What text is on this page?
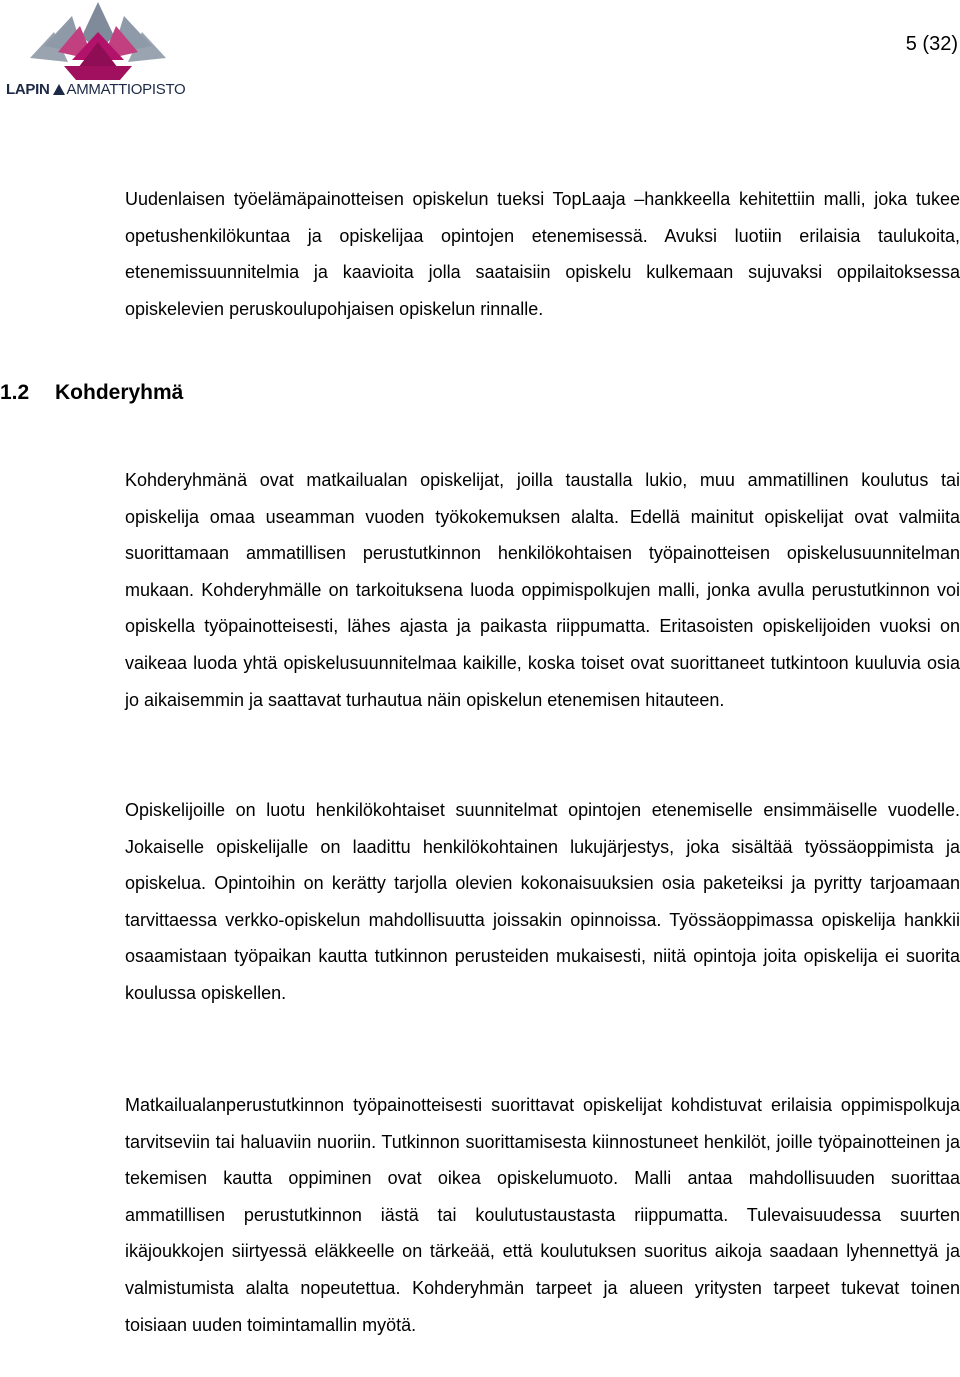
LAPIN AMMATTIOPISTO
5 (32)

Uudenlaisen työelämäpainotteisen opiskelun tueksi TopLaaja –hankkeella kehitettiin malli, joka tukee opetushenkilökuntaa ja opiskelijaa opintojen etenemisessä. Avuksi luotiin erilaisia taulukoita, etenemissuunnitelmia ja kaavioita jolla saataisiin opiskelu kulkemaan sujuvaksi oppilaitoksessa opiskelevien peruskoulupohjaisen opiskelun rinnalle.

1.2 Kohderyhmä

Kohderyhmänä ovat matkailualan opiskelijat, joilla taustalla lukio, muu ammatillinen koulutus tai opiskelija omaa useamman vuoden työkokemuksen alalta. Edellä mainitut opiskelijat ovat valmiita suorittamaan ammatillisen perustutkinnon henkilökohtaisen työpainotteisen opiskelusuunnitelman mukaan. Kohderyhmälle on tarkoituksena luoda oppimispolkujen malli, jonka avulla perustutkinnon voi opiskella työpainotteisesti, lähes ajasta ja paikasta riippumatta. Eritasoisten opiskelijoiden vuoksi on vaikeaa luoda yhtä opiskelusuunnitelmaa kaikille, koska toiset ovat suorittaneet tutkintoon kuuluvia osia jo aikaisemmin ja saattavat turhautua näin opiskelun etenemisen hitauteen.

Opiskelijoille on luotu henkilökohtaiset suunnitelmat opintojen etenemiselle ensimmäiselle vuodelle. Jokaiselle opiskelijalle on laadittu henkilökohtainen lukujärjestys, joka sisältää työssäoppimista ja opiskelua. Opintoihin on kerätty tarjolla olevien kokonaisuuksien osia paketeiksi ja pyritty tarjoamaan tarvittaessa verkko-opiskelun mahdollisuutta joissakin opinnoissa. Työssäoppimassa opiskelija hankkii osaamistaan työpaikan kautta tutkinnon perusteiden mukaisesti, niitä opintoja joita opiskelija ei suorita koulussa opiskellen.

Matkailualanperustutkinnon työpainotteisesti suorittavat opiskelijat kohdistuvat erilaisia oppimispolkuja tarvitseviin tai haluaviin nuoriin. Tutkinnon suorittamisesta kiinnostuneet henkilöt, joille työpainotteinen ja tekemisen kautta oppiminen ovat oikea opiskelumuoto. Malli antaa mahdollisuuden suorittaa ammatillisen perustutkinnon iästä tai koulutustaustasta riippumatta. Tulevaisuudessa suurten ikäjoukkojen siirtyessä eläkkeelle on tärkeää, että koulutuksen suoritus aikoja saadaan lyhennettyä ja valmistumista alalta nopeutettua. Kohderyhmän tarpeet ja alueen yritysten tarpeet tukevat toinen toisiaan uuden toimintamallin myötä.
